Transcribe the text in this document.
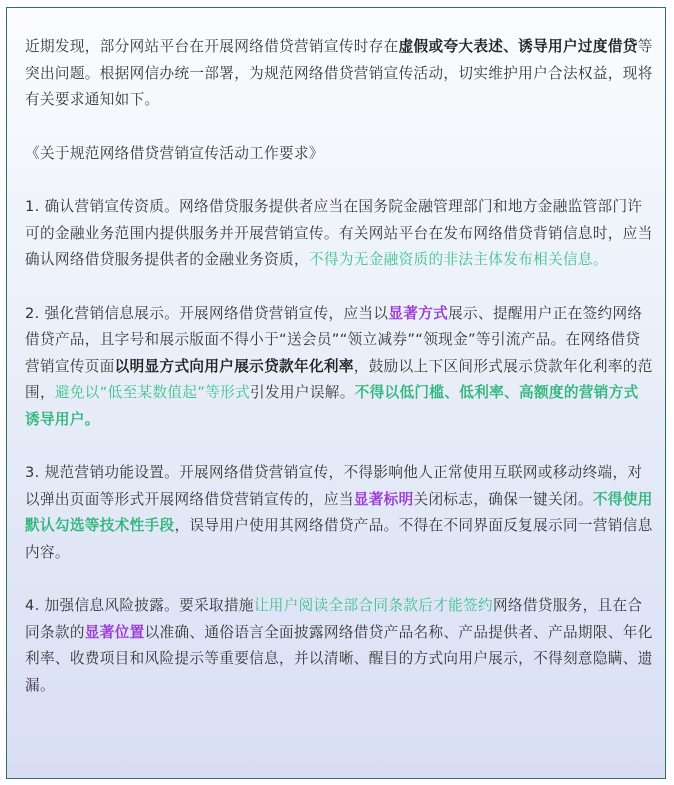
近期发现，部分网站平台在开展网络借贷营销宣传时存在虚假或夸大表述、诱导用户过度借贷等突出问题。根据网信办统一部署，为规范网络借贷营销宣传活动，切实维护用户合法权益，现将有关要求通知如下。

《关于规范网络借贷营销宣传活动工作要求》

1. 确认营销宣传资质。网络借贷服务提供者应当在国务院金融管理部门和地方金融监管部门许可的金融业务范围内提供服务并开展营销宣传。有关网站平台在发布网络借贷背销信息时，应当确认网络借贷服务提供者的金融业务资质，不得为无金融资质的非法主体发布相关信息。

2. 强化营销信息展示。开展网络借贷营销宣传，应当以显著方式展示、提醒用户正在签约网络借贷产品，且字号和展示版面不得小于“送会员”“领立减券”“领现金”等引流产品。在网络借贷营销宣传页面以明显方式向用户展示贷款年化利率，鼓励以上下区间形式展示贷款年化利率的范围，避免以“低至某数值起”等形式引发用户误解。不得以低门槛、低利率、高额度的营销方式诱导用户。

3. 规范营销功能设置。开展网络借贷营销宣传，不得影响他人正常使用互联网或移动终端，对以弹出页面等形式开展网络借贷营销宣传的，应当显著标明关闭标志，确保一键关闭。不得使用默认勾选等技术性手段，误导用户使用其网络借贷产品。不得在不同界面反复展示同一营销信息内容。

4. 加强信息风险披露。要采取措施让用户阅读全部合同条款后才能签约网络借贷服务，且在合同条款的显著位置以准确、通俗语言全面披露网络借贷产品名称、产品提供者、产品期限、年化利率、收费项目和风险提示等重要信息，并以清晰、醒目的方式向用户展示，不得刻意隐瞒、遗漏。
